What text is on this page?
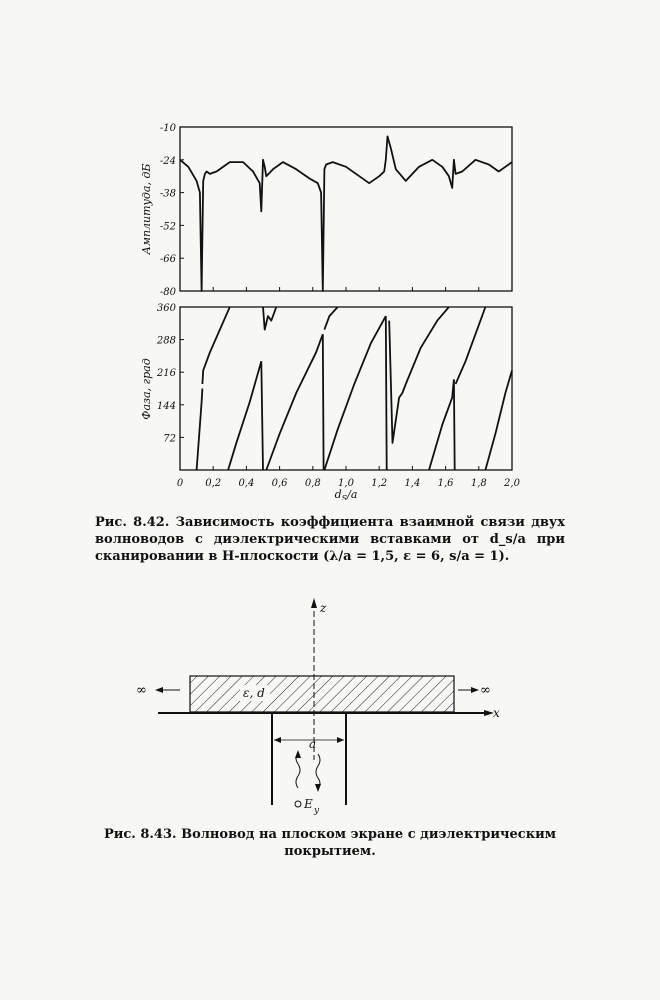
-10
-24
-38
-52
-66
-80
Амплитуда, дБ
360
288
216
144
72
0 0,2 0,4 0,6 0,8 1,0 1,2 1,4 1,6 1,8 2,0
Фаза, град
$d_S/a$
Рис. 8.42. Зависимость коэффициента взаимной связи двух волноводов с диэлектрическими вставками от d_s/a при сканировании в H-плоскости (λ/a = 1,5, ε = 6, s/a = 1).
z
ε, d
x
∞	∞
a
E y
Рис. 8.43. Волновод на плоском экране с диэлектрическим покрытием.
